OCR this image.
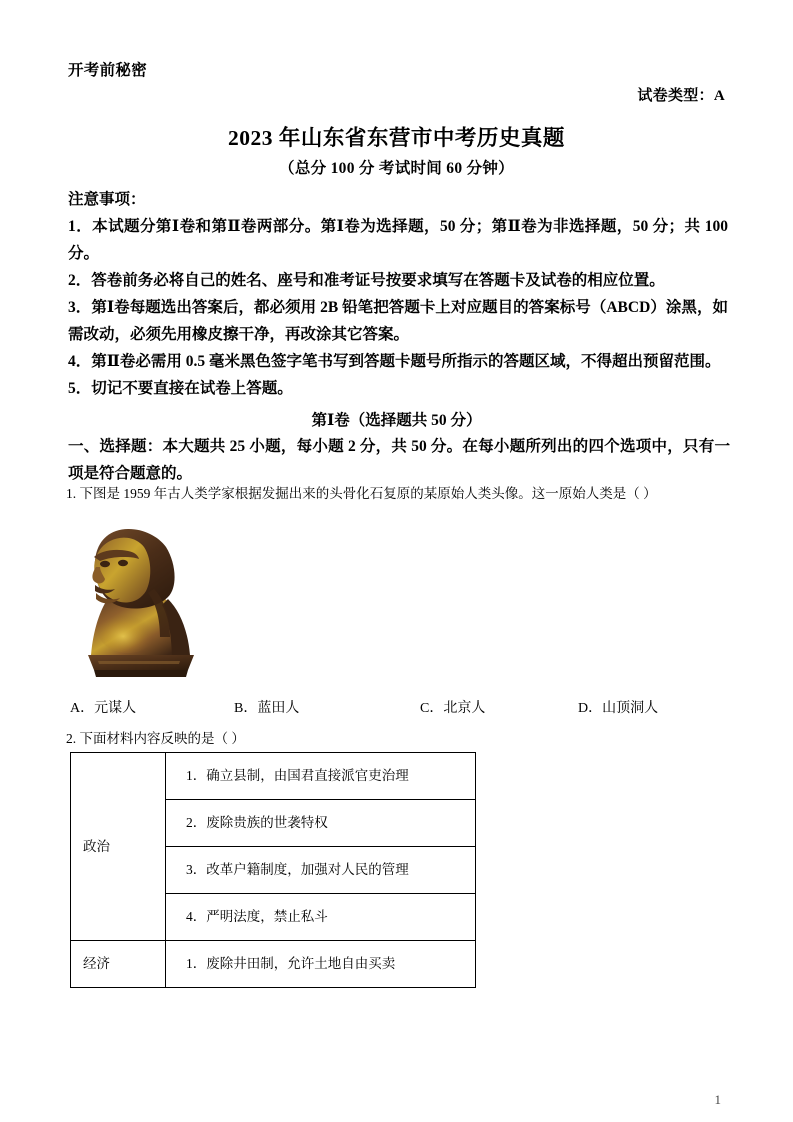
开考前秘密
试卷类型：A
2023 年山东省东营市中考历史真题
（总分 100 分 考试时间 60 分钟）
注意事项：
1．本试题分第Ⅰ卷和第Ⅱ卷两部分。第Ⅰ卷为选择题，50 分；第Ⅱ卷为非选择题，50 分；共 100 分。
2．答卷前务必将自己的姓名、座号和准考证号按要求填写在答题卡及试卷的相应位置。
3．第Ⅰ卷每题选出答案后，都必须用 2B 铅笔把答题卡上对应题目的答案标号（ABCD）涂黑，如需改动，必须先用橡皮擦干净，再改涂其它答案。
4．第Ⅱ卷必需用 0.5 毫米黑色签字笔书写到答题卡题号所指示的答题区域，不得超出预留范围。
5．切记不要直接在试卷上答题。
第Ⅰ卷（选择题共 50 分）
一、选择题：本大题共 25 小题，每小题 2 分，共 50 分。在每小题所列出的四个选项中，只有一项是符合题意的。
1. 下图是 1959 年古人类学家根据发掘出来的头骨化石复原的某原始人类头像。这一原始人类是（ ）
A．元谋人	B．蓝田人	C．北京人	D．山顶洞人
2. 下面材料内容反映的是（ ）
政治	1．确立县制，由国君直接派官吏治理
	2．废除贵族的世袭特权
	3．改革户籍制度，加强对人民的管理
	4．严明法度，禁止私斗
经济	1．废除井田制，允许土地自由买卖
1
